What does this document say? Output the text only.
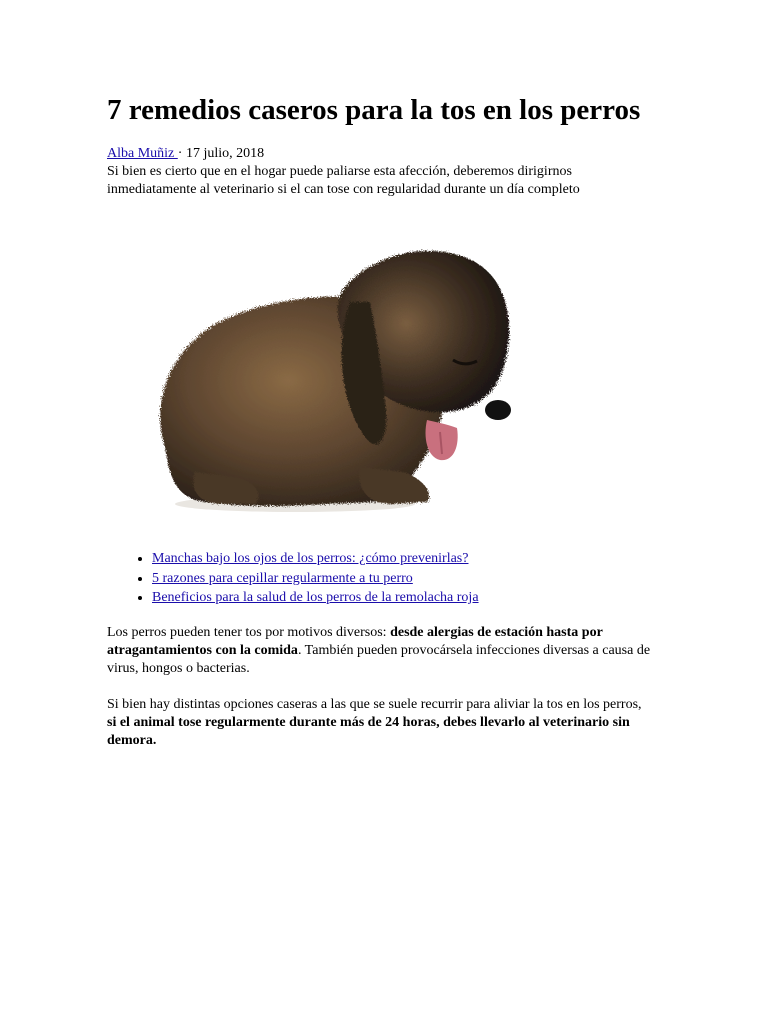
7 remedios caseros para la tos en los perros
Alba Muñiz · 17 julio, 2018

Si bien es cierto que en el hogar puede paliarse esta afección, deberemos dirigirnos inmediatamente al veterinario si el can tose con regularidad durante un día completo

• Manchas bajo los ojos de los perros: ¿cómo prevenirlas?
• 5 razones para cepillar regularmente a tu perro
• Beneficios para la salud de los perros de la remolacha roja

Los perros pueden tener tos por motivos diversos: desde alergias de estación hasta por atragantamientos con la comida. También pueden provocársela infecciones diversas a causa de virus, hongos o bacterias.

Si bien hay distintas opciones caseras a las que se suele recurrir para aliviar la tos en los perros, si el animal tose regularmente durante más de 24 horas, debes llevarlo al veterinario sin demora.
